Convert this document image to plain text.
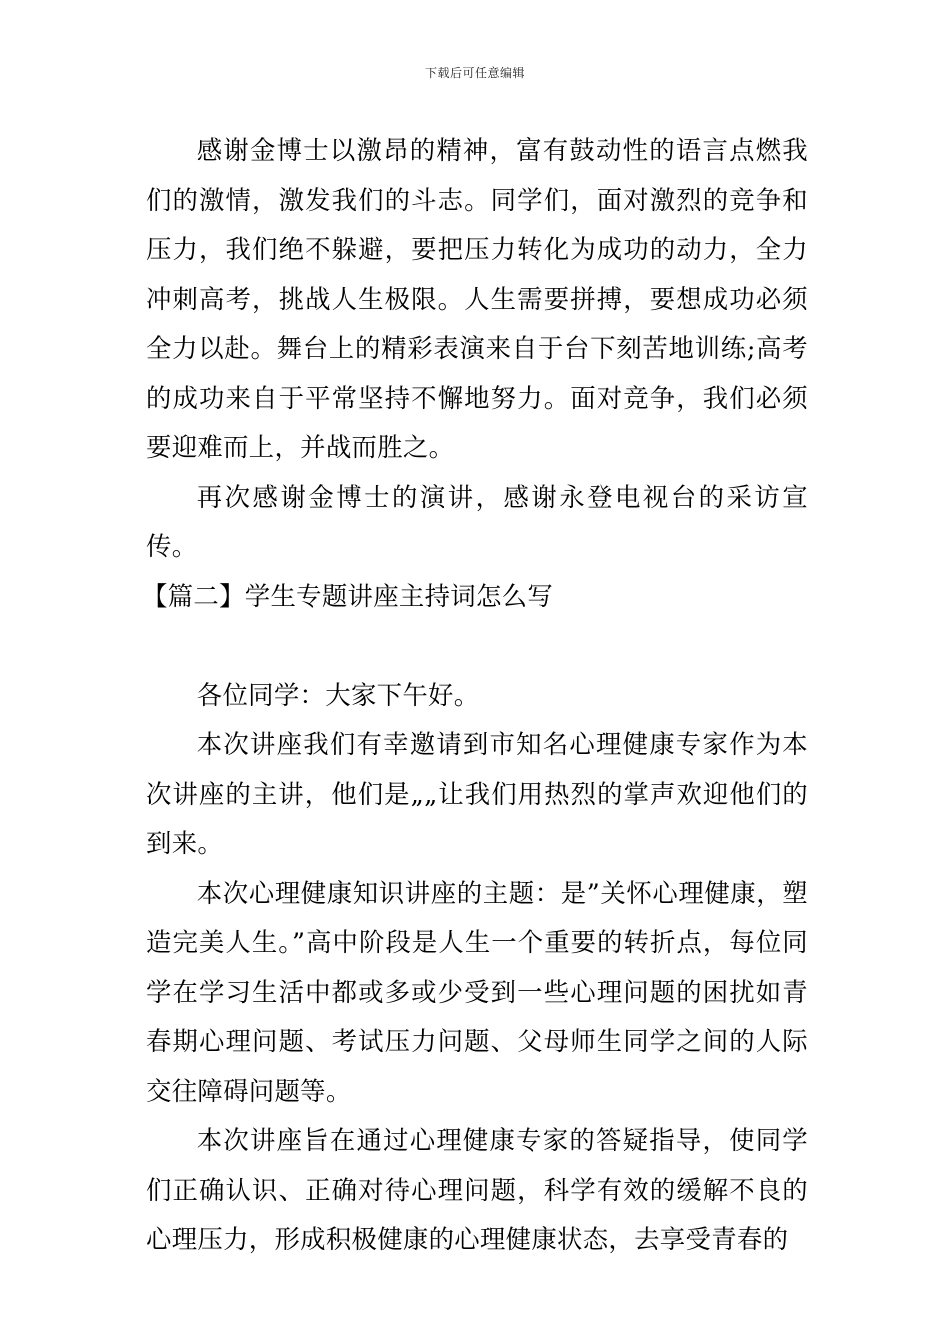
下载后可任意编辑

感谢金博士以激昂的精神，富有鼓动性的语言点燃我们的激情，激发我们的斗志。同学们，面对激烈的竞争和压力，我们绝不躲避，要把压力转化为成功的动力，全力冲刺高考，挑战人生极限。人生需要拼搏，要想成功必须全力以赴。舞台上的精彩表演来自于台下刻苦地训练;高考的成功来自于平常坚持不懈地努力。面对竞争，我们必须要迎难而上，并战而胜之。

再次感谢金博士的演讲，感谢永登电视台的采访宣传。

【篇二】学生专题讲座主持词怎么写

各位同学：大家下午好。

本次讲座我们有幸邀请到市知名心理健康专家作为本次讲座的主讲，他们是„„让我们用热烈的掌声欢迎他们的到来。

本次心理健康知识讲座的主题：是”关怀心理健康，塑造完美人生。”高中阶段是人生一个重要的转折点，每位同学在学习生活中都或多或少受到一些心理问题的困扰如青春期心理问题、考试压力问题、父母师生同学之间的人际交往障碍问题等。

本次讲座旨在通过心理健康专家的答疑指导，使同学们正确认识、正确对待心理问题，科学有效的缓解不良的心理压力，形成积极健康的心理健康状态，去享受青春的
